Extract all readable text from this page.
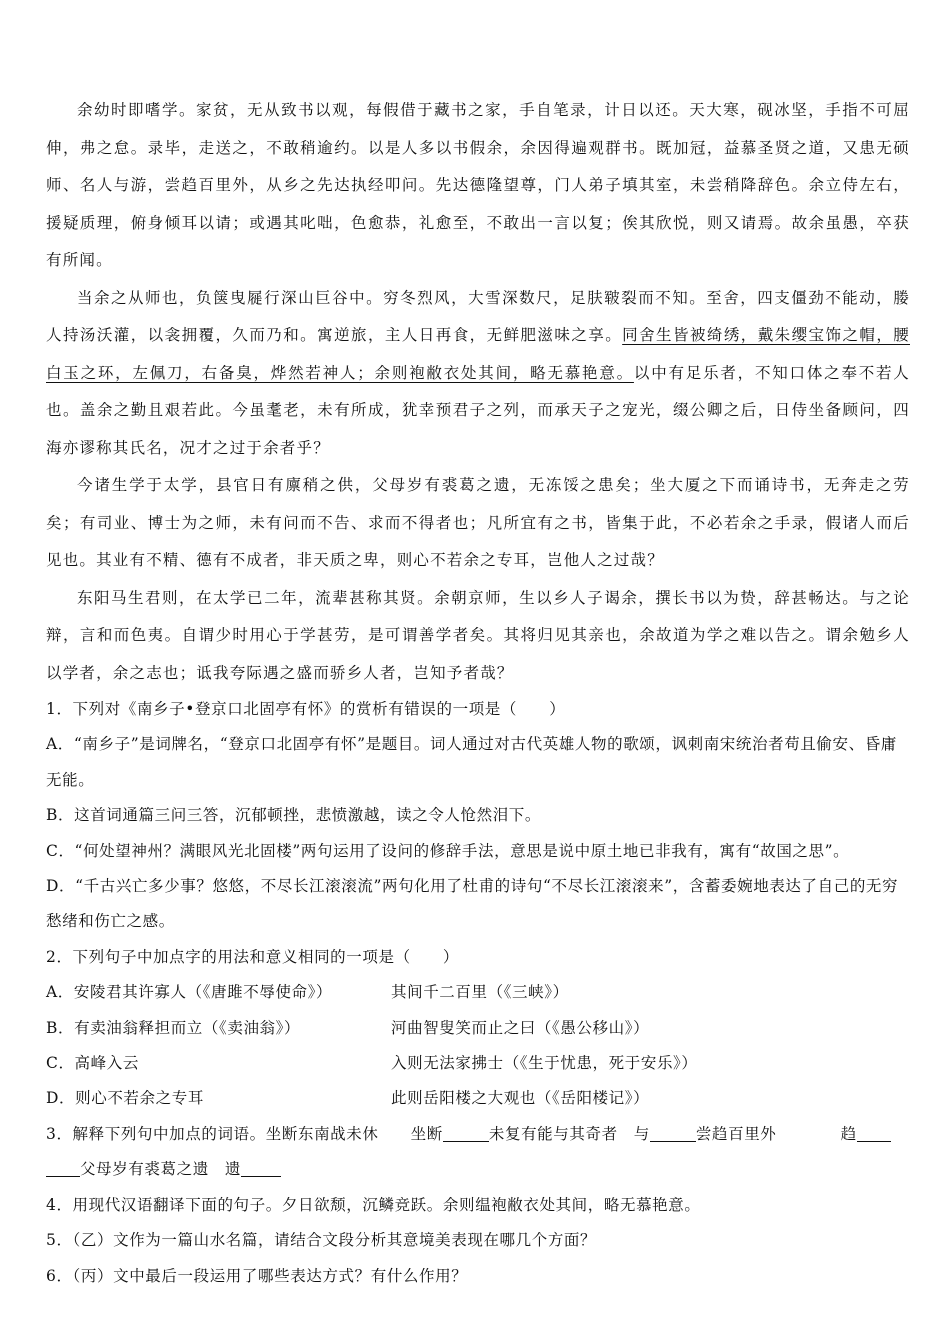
余幼时即嗜学。家贫，无从致书以观，每假借于藏书之家，手自笔录，计日以还。天大寒，砚冰坚，手指不可屈伸，弗之怠。录毕，走送之，不敢稍逾约。以是人多以书假余，余因得遍观群书。既加冠，益慕圣贤之道，又患无硕师、名人与游，尝趋百里外，从乡之先达执经叩问。先达德隆望尊，门人弟子填其室，未尝稍降辞色。余立侍左右，援疑质理，俯身倾耳以请；或遇其叱咄，色愈恭，礼愈至，不敢出一言以复；俟其欣悦，则又请焉。故余虽愚，卒获有所闻。

当余之从师也，负箧曳屣行深山巨谷中。穷冬烈风，大雪深数尺，足肤皲裂而不知。至舍，四支僵劲不能动，媵人持汤沃灌，以衾拥覆，久而乃和。寓逆旅，主人日再食，无鲜肥滋味之享。同舍生皆被绮绣，戴朱缨宝饰之帽，腰白玉之环，左佩刀，右备臭，烨然若神人；余则袍敝衣处其间，略无慕艳意。以中有足乐者，不知口体之奉不若人也。盖余之勤且艰若此。今虽耄老，未有所成，犹幸预君子之列，而承天子之宠光，缀公卿之后，日侍坐备顾问，四海亦谬称其氏名，况才之过于余者乎？

今诸生学于太学，县官日有廪稍之供，父母岁有裘葛之遗，无冻馁之患矣；坐大厦之下而诵诗书，无奔走之劳矣；有司业、博士为之师，未有问而不告、求而不得者也；凡所宜有之书，皆集于此，不必若余之手录，假诸人而后见也。其业有不精、德有不成者，非天质之卑，则心不若余之专耳，岂他人之过哉？

东阳马生君则，在太学已二年，流辈甚称其贤。余朝京师，生以乡人子谒余，撰长书以为贽，辞甚畅达。与之论辩，言和而色夷。自谓少时用心于学甚劳，是可谓善学者矣。其将归见其亲也，余故道为学之难以告之。谓余勉乡人以学者，余之志也；诋我夸际遇之盛而骄乡人者，岂知予者哉？

1．下列对《南乡子•登京口北固亭有怀》的赏析有错误的一项是（　　）

A．“南乡子”是词牌名，“登京口北固亭有怀”是题目。词人通过对古代英雄人物的歌颂，讽刺南宋统治者苟且偷安、昏庸无能。

B．这首词通篇三问三答，沉郁顿挫，悲愤激越，读之令人怆然泪下。

C．“何处望神州？满眼风光北固楼”两句运用了设问的修辞手法，意思是说中原土地已非我有，寓有“故国之思”。

D．“千古兴亡多少事？悠悠，不尽长江滚滚流”两句化用了杜甫的诗句“不尽长江滚滚来”，含蓄委婉地表达了自己的无穷愁绪和伤亡之感。

2．下列句子中加点字的用法和意义相同的一项是（　　）

A．安陵君其许寡人（《唐雎不辱使命》）	其间千二百里（《三峡》）
B．有卖油翁释担而立（《卖油翁》）	河曲智叟笑而止之曰（《愚公移山》）
C．高峰入云	入则无法家拂士（《生于忧患，死于安乐》）
D．则心不若余之专耳	此则岳阳楼之大观也（《岳阳楼记》）

3．解释下列句中加点的词语。坐断东南战未休　　坐断	未复有能与其奇者　与	尝趋百里外　　　　趋

父母岁有裘葛之遗　遗

4．用现代汉语翻译下面的句子。夕日欲颓，沉鳞竞跃。余则缊袍敝衣处其间，略无慕艳意。

5．（乙）文作为一篇山水名篇，请结合文段分析其意境美表现在哪几个方面？

6．（丙）文中最后一段运用了哪些表达方式？有什么作用？
